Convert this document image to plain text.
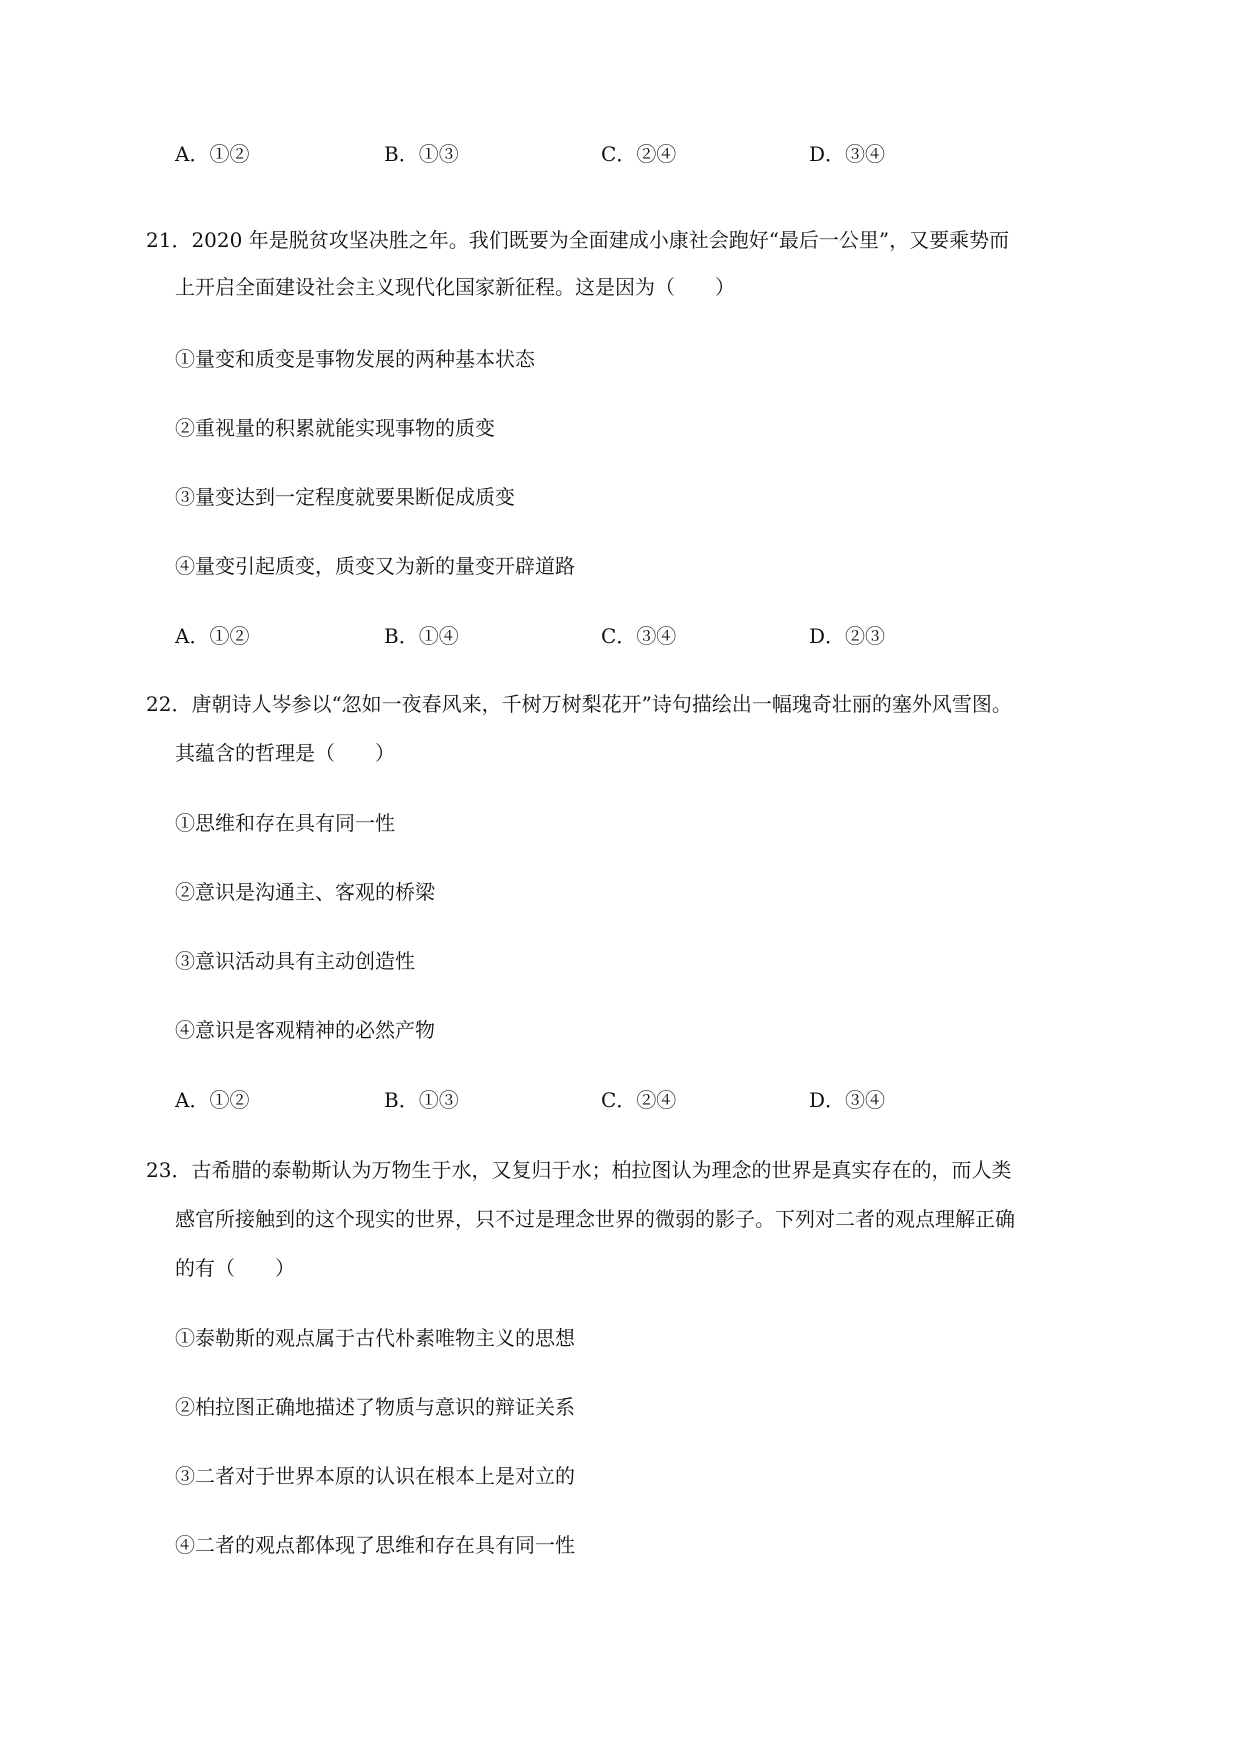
A．①②	B．①③	C．②④	D．③④
21．2020 年是脱贫攻坚决胜之年。我们既要为全面建成小康社会跑好“最后一公里”，又要乘势而
上开启全面建设社会主义现代化国家新征程。这是因为（　　）
①量变和质变是事物发展的两种基本状态
②重视量的积累就能实现事物的质变
③量变达到一定程度就要果断促成质变
④量变引起质变，质变又为新的量变开辟道路
A．①②	B．①④	C．③④	D．②③
22．唐朝诗人岑参以“忽如一夜春风来，千树万树梨花开”诗句描绘出一幅瑰奇壮丽的塞外风雪图。
其蕴含的哲理是（　　）
①思维和存在具有同一性
②意识是沟通主、客观的桥梁
③意识活动具有主动创造性
④意识是客观精神的必然产物
A．①②	B．①③	C．②④	D．③④
23．古希腊的泰勒斯认为万物生于水，又复归于水；柏拉图认为理念的世界是真实存在的，而人类
感官所接触到的这个现实的世界，只不过是理念世界的微弱的影子。下列对二者的观点理解正确
的有（　　）
①泰勒斯的观点属于古代朴素唯物主义的思想
②柏拉图正确地描述了物质与意识的辩证关系
③二者对于世界本原的认识在根本上是对立的
④二者的观点都体现了思维和存在具有同一性
